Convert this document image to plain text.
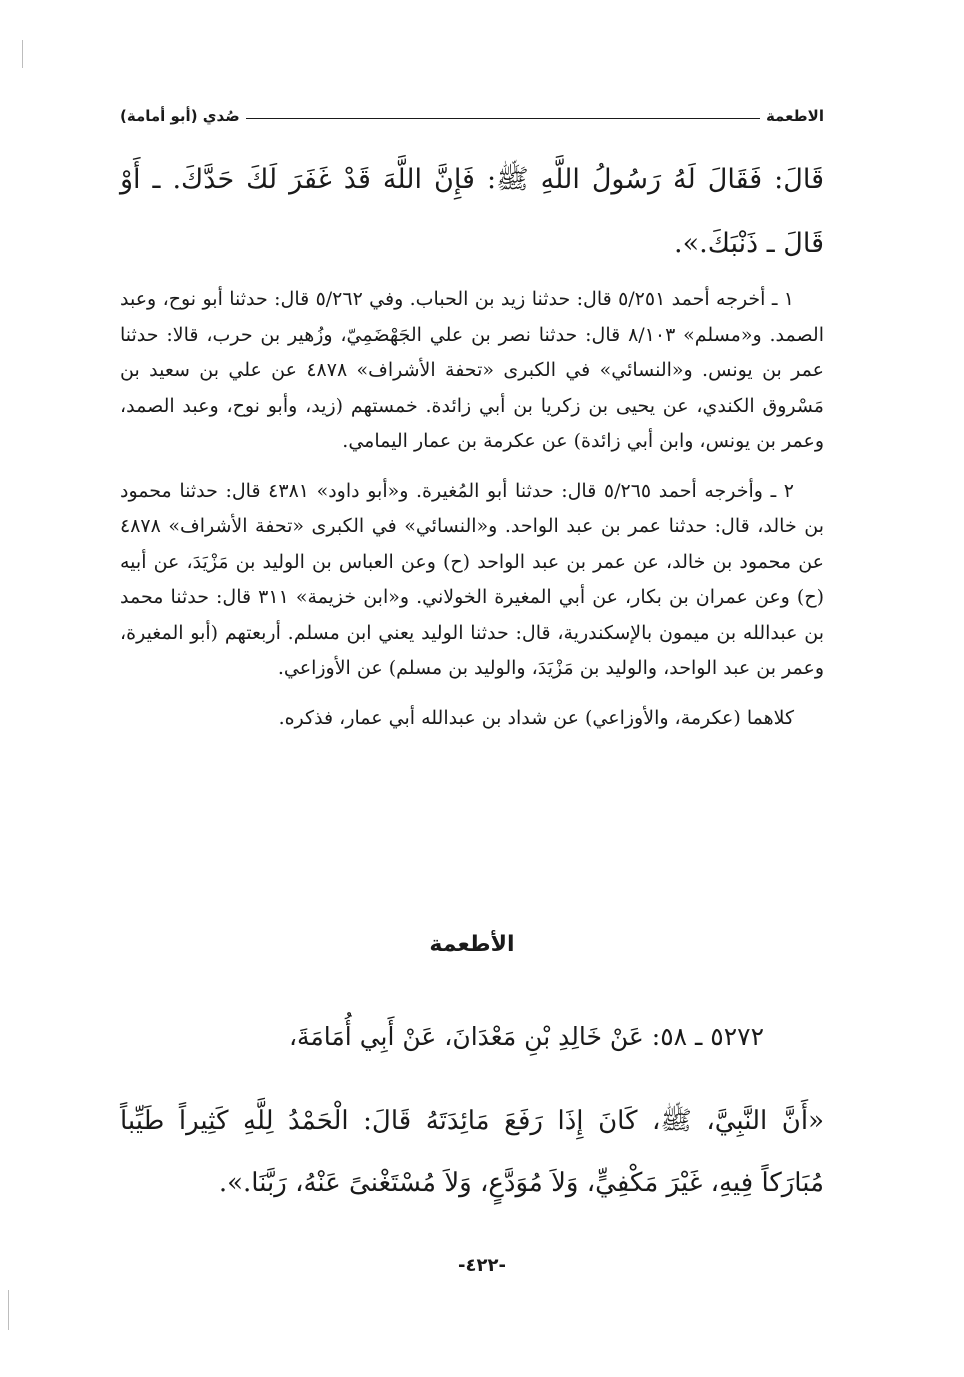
الاطعمة
صُدي (أبو أمامة)
قَالَ: فَقَالَ لَهُ رَسُولُ اللَّهِ ﷺ: فَإِنَّ اللَّهَ قَدْ غَفَرَ لَكَ حَدَّكَ. ـ أَوْ قَالَ ـ ذَنْبَكَ.».

١ ـ أخرجه أحمد ٥/٢٥١ قال: حدثنا زيد بن الحباب. وفي ٥/٢٦٢ قال: حدثنا أبو نوح، وعبد الصمد. و«مسلم» ٨/١٠٣ قال: حدثنا نصر بن علي الجَهْضَمِيّ، وزُهير بن حرب، قالا: حدثنا عمر بن يونس. و«النسائي» في الكبرى «تحفة الأشراف» ٤٨٧٨ عن علي بن سعيد بن مَسْروق الكندي، عن يحيى بن زكريا بن أبي زائدة. خمستهم (زيد، وأبو نوح، وعبد الصمد، وعمر بن يونس، وابن أبي زائدة) عن عكرمة بن عمار اليمامي.

٢ ـ وأخرجه أحمد ٥/٢٦٥ قال: حدثنا أبو المُغيرة. و«أبو داود» ٤٣٨١ قال: حدثنا محمود بن خالد، قال: حدثنا عمر بن عبد الواحد. و«النسائي» في الكبرى «تحفة الأشراف» ٤٨٧٨ عن محمود بن خالد، عن عمر بن عبد الواحد (ح) وعن العباس بن الوليد بن مَزْيَدَ، عن أبيه (ح) وعن عمران بن بكار، عن أبي المغيرة الخولاني. و«ابن خزيمة» ٣١١ قال: حدثنا محمد بن عبدالله بن ميمون بالإسكندرية، قال: حدثنا الوليد يعني ابن مسلم. أربعتهم (أبو المغيرة، وعمر بن عبد الواحد، والوليد بن مَزْيَدَ، والوليد بن مسلم) عن الأوزاعي.

كلاهما (عكرمة، والأوزاعي) عن شداد بن عبدالله أبي عمار، فذكره.

الأطعمة
٥٢٧٢ ـ ٥٨: عَنْ خَالِدِ بْنِ مَعْدَانَ، عَنْ أَبِي أُمَامَةَ،
«أَنَّ النَّبِيَّ، ﷺ، كَانَ إِذَا رَفَعَ مَائِدَتَهُ قَالَ: الْحَمْدُ لِلَّهِ كَثِيراً طَيِّباً مُبَارَكاً فِيهِ، غَيْرَ مَكْفِيٍّ، وَلاَ مُوَدَّعٍ، وَلاَ مُسْتَغْنىً عَنْهُ، رَبَّنَا.».
-٤٢٢-
